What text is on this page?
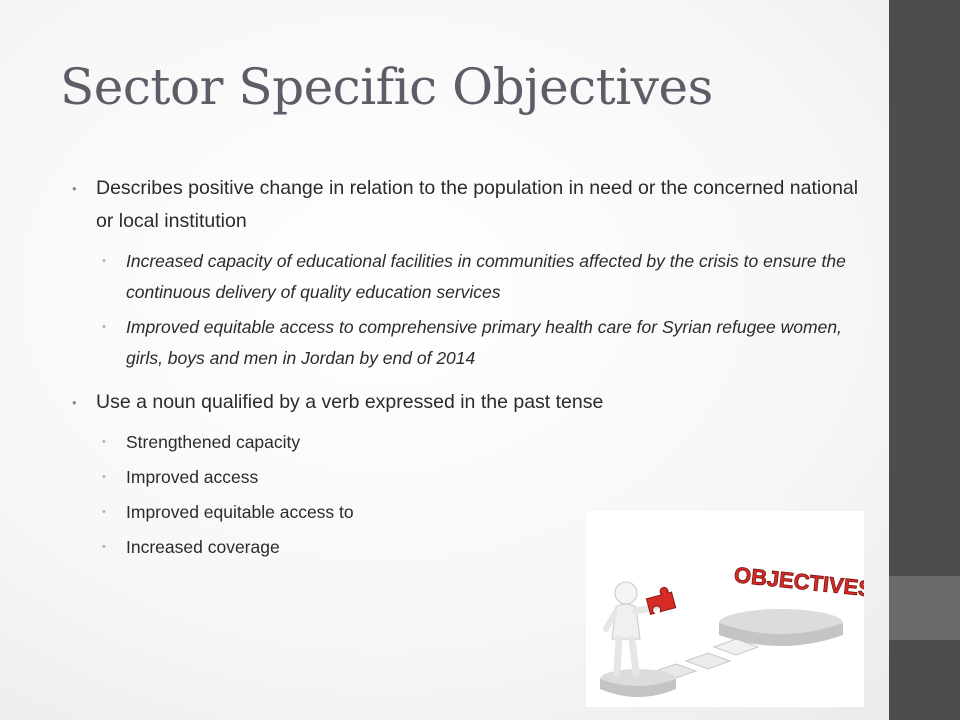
Sector Specific Objectives
• Describes positive change in relation to the population in need or the concerned national or local institution
• Increased capacity of educational facilities in communities affected by the crisis to ensure the continuous delivery of quality education services
• Improved equitable access to comprehensive primary health care for Syrian refugee women, girls, boys and men in Jordan by end of 2014
• Use a noun qualified by a verb expressed in the past tense
• Strengthened capacity
• Improved access
• Improved equitable access to
• Increased coverage
OBJECTIVES
